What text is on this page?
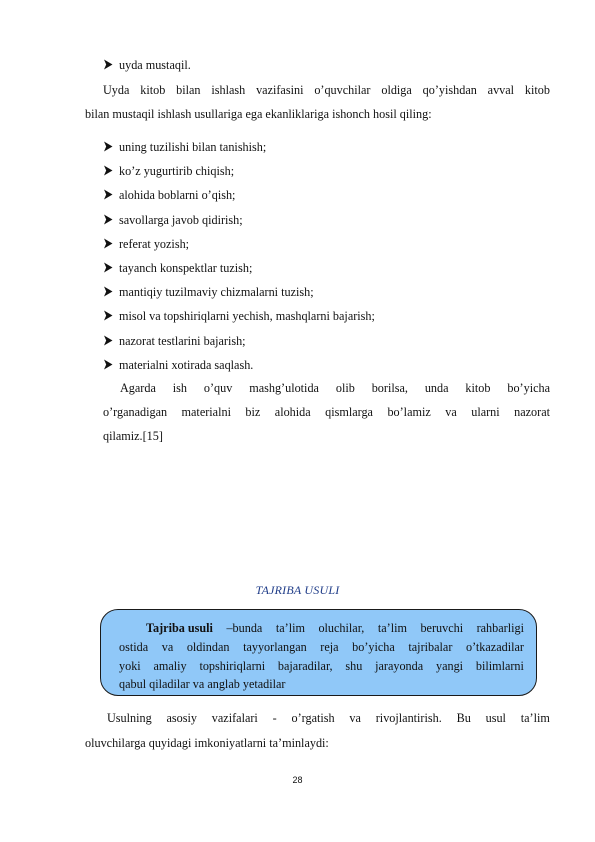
uyda mustaqil.
Uyda kitob bilan ishlash vazifasini o’quvchilar oldiga qo’yishdan avval kitob
bilan mustaqil ishlash usullariga ega ekanliklariga ishonch hosil qiling:
uning tuzilishi bilan tanishish;
ko’z yugurtirib chiqish;
alohida boblarni o’qish;
savollarga javob qidirish;
referat yozish;
tayanch konspektlar tuzish;
mantiqiy tuzilmaviy chizmalarni tuzish;
misol va topshiriqlarni yechish, mashqlarni bajarish;
nazorat testlarini bajarish;
materialni xotirada saqlash.
Agarda ish o’quv mashg’ulotida olib borilsa, unda kitob bo’yicha
o’rganadigan materialni biz alohida qismlarga bo’lamiz va ularni nazorat
qilamiz.[15]
TAJRIBA USULI
Tajriba usuli –bunda ta’lim oluchilar, ta’lim beruvchi rahbarligi
ostida va oldindan tayyorlangan reja bo’yicha tajribalar o’tkazadilar
yoki amaliy topshiriqlarni bajaradilar, shu jarayonda yangi bilimlarni
qabul qiladilar va anglab yetadilar
Usulning asosiy vazifalari - o’rgatish va rivojlantirish. Bu usul ta’lim
oluvchilarga quyidagi imkoniyatlarni ta’minlaydi:
28
